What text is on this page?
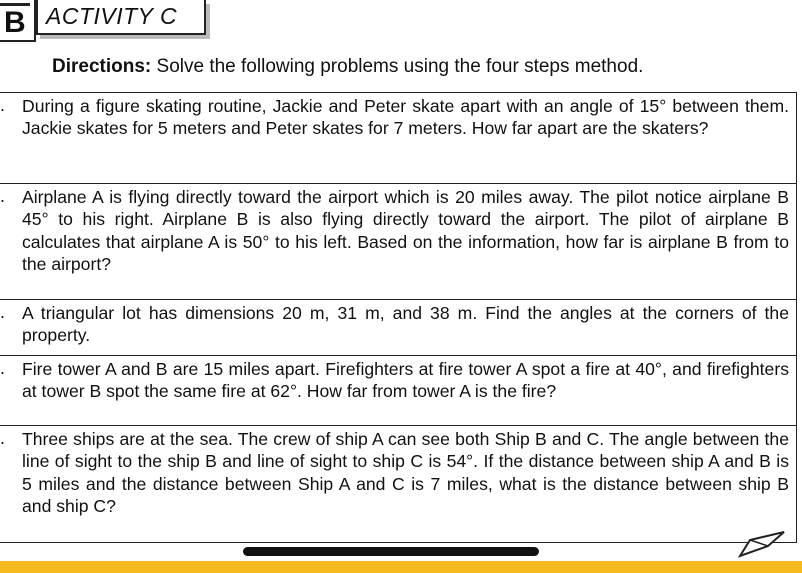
B ACTIVITY C
Directions: Solve the following problems using the four steps method.
. During a figure skating routine, Jackie and Peter skate apart with an angle of 15° between them. Jackie skates for 5 meters and Peter skates for 7 meters. How far apart are the skaters?
. Airplane A is flying directly toward the airport which is 20 miles away. The pilot notice airplane B 45° to his right. Airplane B is also flying directly toward the airport. The pilot of airplane B calculates that airplane A is 50° to his left. Based on the information, how far is airplane B from to the airport?
. A triangular lot has dimensions 20 m, 31 m, and 38 m. Find the angles at the corners of the property.
. Fire tower A and B are 15 miles apart. Firefighters at fire tower A spot a fire at 40°, and firefighters at tower B spot the same fire at 62°. How far from tower A is the fire?
. Three ships are at the sea. The crew of ship A can see both Ship B and C. The angle between the line of sight to the ship B and line of sight to ship C is 54°. If the distance between ship A and B is 5 miles and the distance between Ship A and C is 7 miles, what is the distance between ship B and ship C?
